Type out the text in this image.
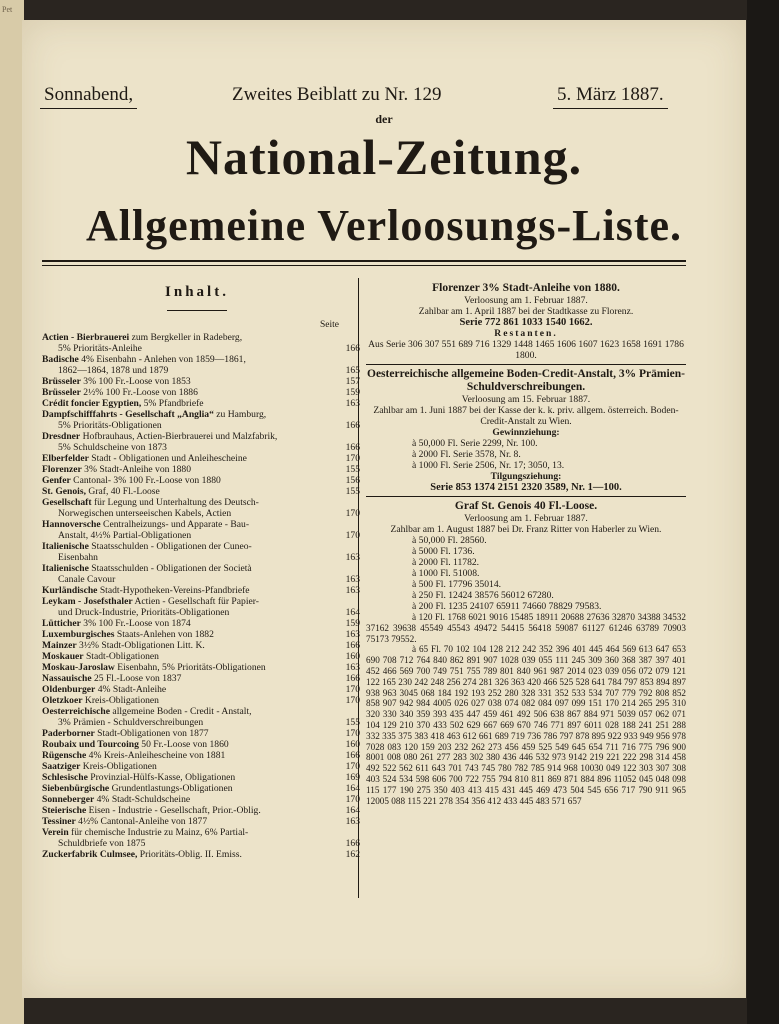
Pet
Sonnabend,	Zweites Beiblatt zu Nr. 129	5. März 1887.
der
National-Zeitung.
Allgemeine Verloosungs-Liste.
Inhalt.
Seite
Actien - Bierbrauerei zum Bergkeller in Radeberg,
5% Prioritäts-Anleihe	166
Badische 4% Eisenbahn - Anlehen von 1859—1861,
1862—1864, 1878 und 1879	165
Brüsseler 3% 100 Fr.-Loose von 1853	157
Brüsseler 2½% 100 Fr.-Loose von 1886	159
Crédit foncier Egyptien, 5% Pfandbriefe	163
Dampfschifffahrts - Gesellschaft „Anglia“ zu Hamburg,
5% Prioritäts-Obligationen	166
Dresdner Hofbrauhaus, Actien-Bierbrauerei und Malzfabrik,
5% Schuldscheine von 1873	166
Elberfelder Stadt - Obligationen und Anleihescheine	170
Florenzer 3% Stadt-Anleihe von 1880	155
Genfer Cantonal- 3% 100 Fr.-Loose von 1880	156
St. Genois, Graf, 40 Fl.-Loose	155
Gesellschaft für Legung und Unterhaltung des Deutsch-
Norwegischen unterseeischen Kabels, Actien	170
Hannoversche Centralheizungs- und Apparate - Bau-
Anstalt, 4½% Partial-Obligationen	170
Italienische Staatsschulden - Obligationen der Cuneo-
Eisenbahn	163
Italienische Staatsschulden - Obligationen der Società
Canale Cavour	163
Kurländische Stadt-Hypotheken-Vereins-Pfandbriefe	163
Leykam - Josefsthaler Actien - Gesellschaft für Papier-
und Druck-Industrie, Prioritäts-Obligationen	164
Lütticher 3% 100 Fr.-Loose von 1874	159
Luxemburgisches Staats-Anlehen von 1882	163
Mainzer 3½% Stadt-Obligationen Litt. K.	166
Moskauer Stadt-Obligationen	160
Moskau-Jaroslaw Eisenbahn, 5% Prioritäts-Obligationen	163
Nassauische 25 Fl.-Loose von 1837	166
Oldenburger 4% Stadt-Anleihe	170
Oletzkoer Kreis-Obligationen	170
Oesterreichische allgemeine Boden - Credit - Anstalt,
3% Prämien - Schuldverschreibungen	155
Paderborner Stadt-Obligationen von 1877	170
Roubaix und Tourcoing 50 Fr.-Loose von 1860	160
Rügensche 4% Kreis-Anleihescheine von 1881	166
Saatziger Kreis-Obligationen	170
Schlesische Provinzial-Hülfs-Kasse, Obligationen	169
Siebenbürgische Grundentlastungs-Obligationen	164
Sonneberger 4% Stadt-Schuldscheine	170
Steierische Eisen - Industrie - Gesellschaft, Prior.-Oblig.	164
Tessiner 4½% Cantonal-Anleihe von 1877	163
Verein für chemische Industrie zu Mainz, 6% Partial-
Schuldbriefe von 1875	166
Zuckerfabrik Culmsee, Prioritäts-Oblig. II. Emiss.	162
Florenzer 3% Stadt-Anleihe von 1880.
Verloosung am 1. Februar 1887.
Zahlbar am 1. April 1887 bei der Stadtkasse zu Florenz.
Serie 772 861 1033 1540 1662.
Restanten.
Aus Serie 306 307 551 689 716 1329 1448 1465 1606 1607 1623 1658 1691 1786 1800.
Oesterreichische allgemeine Boden-Credit-Anstalt, 3% Prämien-Schuldverschreibungen.
Verloosung am 15. Februar 1887.
Zahlbar am 1. Juni 1887 bei der Kasse der k. k. priv. allgem. österreich. Boden-Credit-Anstalt zu Wien.
Gewinnziehung:
à 50,000 Fl. Serie 2299, Nr. 100.
à 2000 Fl. Serie 3578, Nr. 8.
à 1000 Fl. Serie 2506, Nr. 17; 3050, 13.
Tilgungsziehung:
Serie 853 1374 2151 2320 3589, Nr. 1—100.
Graf St. Genois 40 Fl.-Loose.
Verloosung am 1. Februar 1887.
Zahlbar am 1. August 1887 bei Dr. Franz Ritter von Haberler zu Wien.
à 50,000 Fl. 28560.
à 5000 Fl. 1736.
à 2000 Fl. 11782.
à 1000 Fl. 51008.
à 500 Fl. 17796 35014.
à 250 Fl. 12424 38576 56012 67280.
à 200 Fl. 1235 24107 65911 74660 78829 79583.
à 120 Fl. 1768 6021 9016 15485 18911 20688 27636 32870 34388 34532 37162 39638 45549 45543 49472 54415 56418 59087 61127 61246 63789 70903 75173 79552.
à 65 Fl. 70 102 104 128 212 242 352 396 401 445 464 569 613 647 653 690 708 712 764 840 862 891 907 1028 039 055 111 245 309 360 368 387 397 401 452 466 569 700 749 751 755 789 801 840 961 987 2014 023 039 056 072 079 121 122 165 230 242 248 256 274 281 326 363 420 466 525 528 641 784 797 853 894 897 938 963 3045 068 184 192 193 252 280 328 331 352 533 534 707 779 792 808 852 858 907 942 984 4005 026 027 038 074 082 084 097 099 151 170 214 265 295 310 320 330 340 359 393 435 447 459 461 492 506 638 867 884 971 5039 057 062 071 104 129 210 370 433 502 629 667 669 670 746 771 897 6011 028 188 241 251 288 332 335 375 383 418 463 612 661 689 719 736 786 797 878 895 922 933 949 956 978 7028 083 120 159 203 232 262 273 456 459 525 549 645 654 711 716 775 796 900 8001 008 080 261 277 283 302 380 436 446 532 973 9142 219 221 222 298 314 458 492 522 562 611 643 701 743 745 780 782 785 914 968 10030 049 122 303 307 308 403 524 534 598 606 700 722 755 794 810 811 869 871 884 896 11052 045 048 098 115 177 190 275 350 403 413 415 431 445 469 473 504 545 656 717 790 911 965 12005 088 115 221 278 354 356 412 433 445 483 571 657
